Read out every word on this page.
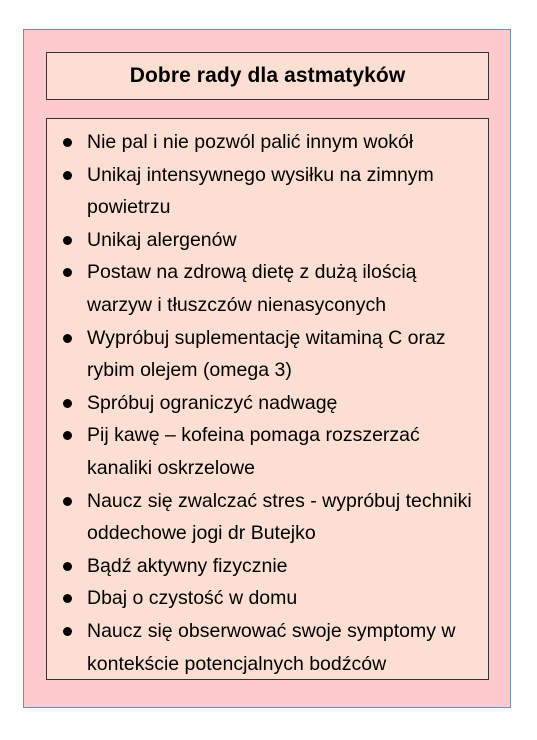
Dobre rady dla astmatyków
Nie pal i nie pozwól palić innym wokół
Unikaj intensywnego wysiłku na zimnym powietrzu
Unikaj alergenów
Postaw na zdrową dietę z dużą ilością warzyw i tłuszczów nienasyconych
Wypróbuj suplementację witaminą C oraz rybim olejem (omega 3)
Spróbuj ograniczyć nadwagę
Pij kawę – kofeina pomaga rozszerzać kanaliki oskrzelowe
Naucz się zwalczać stres - wypróbuj techniki oddechowe jogi dr Butejko
Bądź aktywny fizycznie
Dbaj o czystość w domu
Naucz się obserwować swoje symptomy w kontekście potencjalnych bodźców
